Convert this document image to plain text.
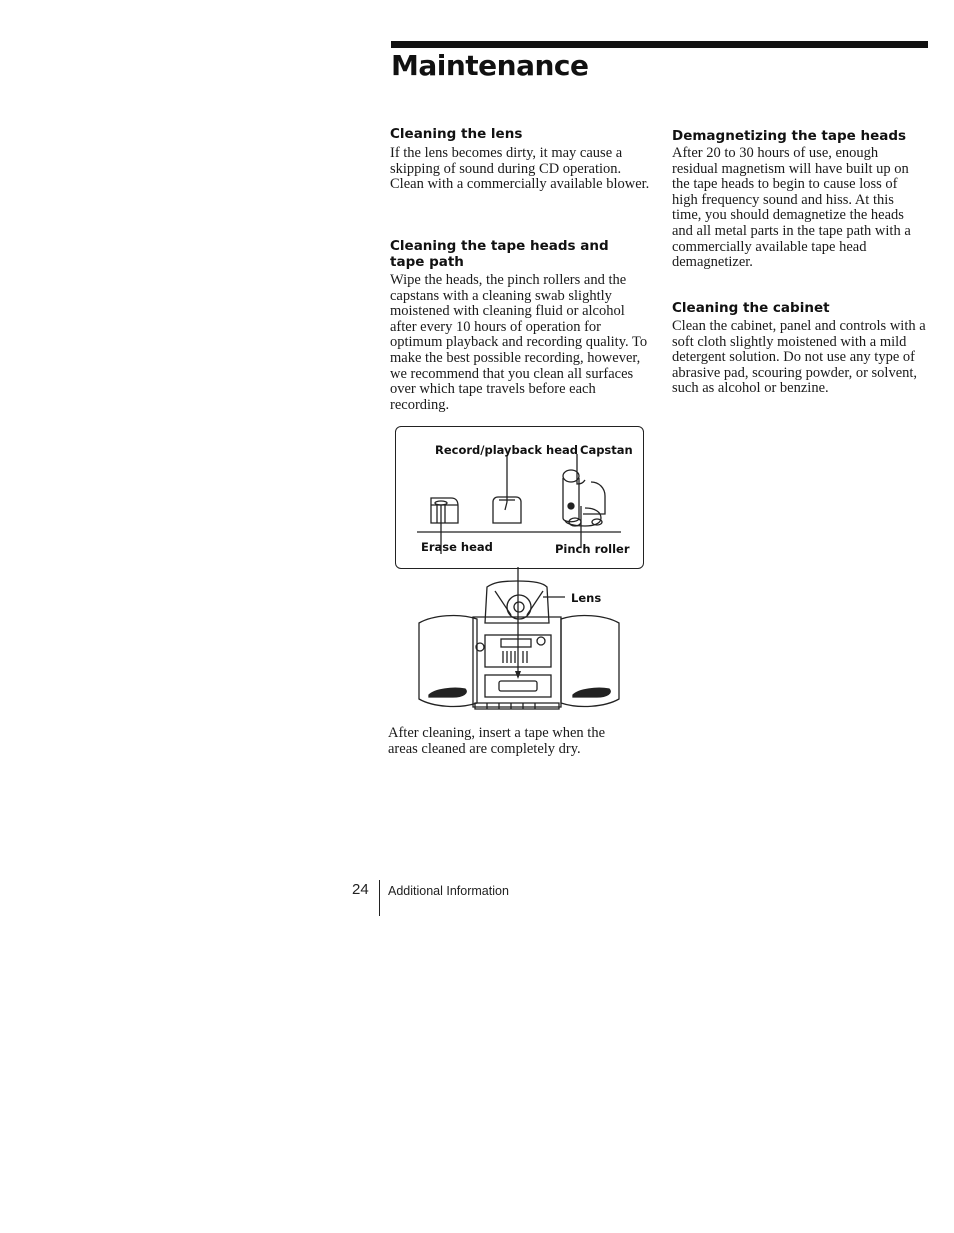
Maintenance
Cleaning the lens

If the lens becomes dirty, it may cause a skipping of sound during CD operation. Clean with a commercially available blower.

Cleaning the tape heads and tape path

Wipe the heads, the pinch rollers and the capstans with a cleaning swab slightly moistened with cleaning fluid or alcohol after every 10 hours of operation for optimum playback and recording quality. To make the best possible recording, however, we recommend that you clean all surfaces over which tape travels before each recording.

Demagnetizing the tape heads

After 20 to 30 hours of use, enough residual magnetism will have built up on the tape heads to begin to cause loss of high frequency sound and hiss. At this time, you should demagnetize the heads and all metal parts in the tape path with a commercially available tape head demagnetizer.

Cleaning the cabinet

Clean the cabinet, panel and controls with a soft cloth slightly moistened with a mild detergent solution. Do not use any type of abrasive pad, scouring powder, or solvent, such as alcohol or benzine.

Record/playback head Capstan
Erase head	Pinch roller
Lens

After cleaning, insert a tape when the areas cleaned are completely dry.

24 Additional Information
